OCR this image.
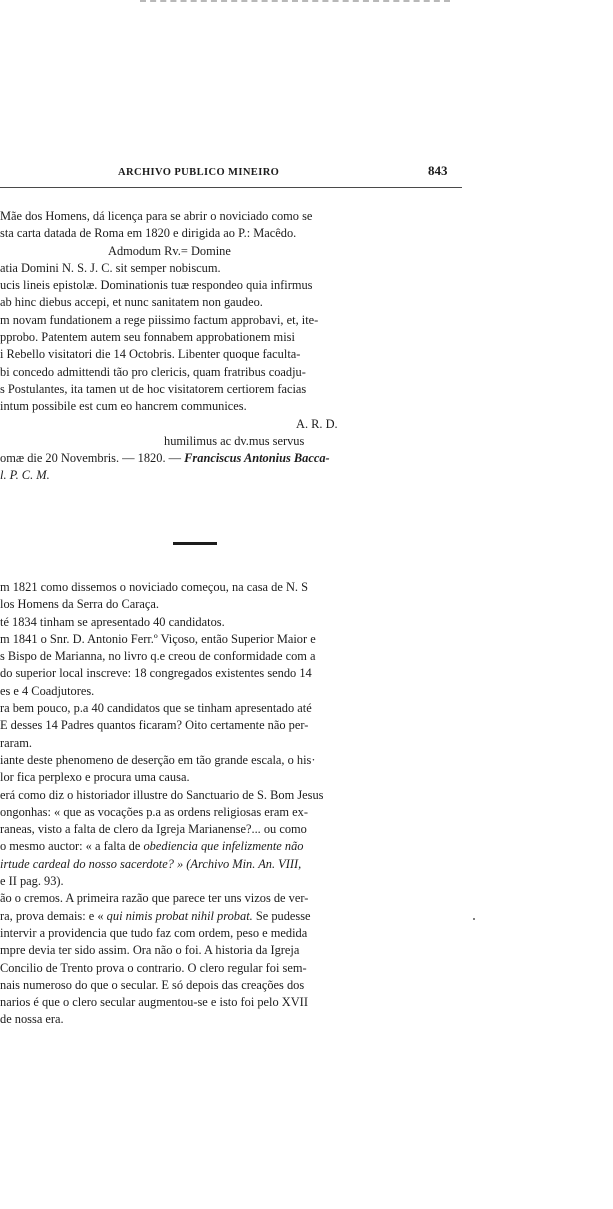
ARCHIVO PUBLICO MINEIRO	843
Mãe dos Homens, dá licença para se abrir o noviciado como se
sta carta datada de Roma em 1820 e dirigida ao P.: Macêdo.
Admodum Rv.= Domine
atia Domini N. S. J. C. sit semper nobiscum.
ucis lineis epistolæ. Dominationis tuæ respondeo quia infirmus
ab hinc diebus accepi, et nunc sanitatem non gaudeo.
m novam fundationem a rege piissimo factum approbavi, et, ite-
pprobo. Patentem autem seu fonnabem approbationem misi
i Rebello visitatori die 14 Octobris. Libenter quoque faculta-
bi concedo admittendi tão pro clericis, quam fratribus coadju-
s Postulantes, ita tamen ut de hoc visitatorem certiorem facias
intum possibile est cum eo hancrem communices.
A. R. D.
humilimus ac dv.mus servus
omæ die 20 Novembris. — 1820. — Franciscus Antonius Bacca-
l. P. C. M.
m 1821 como dissemos o noviciado começou, na casa de N. S
los Homens da Serra do Caraça.
té 1834 tinham se apresentado 40 candidatos.
m 1841 o Snr. D. Antonio Ferr.º Viçoso, então Superior Maior e
s Bispo de Marianna, no livro q.e creou de conformidade com a
do superior local inscreve: 18 congregados existentes sendo 14
es e 4 Coadjutores.
ra bem pouco, p.a 40 candidatos que se tinham apresentado até
E desses 14 Padres quantos ficaram? Oito certamente não per-
raram.
iante deste phenomeno de deserção em tão grande escala, o his·
lor fica perplexo e procura uma causa.
erá como diz o historiador illustre do Sanctuario de S. Bom Jesus
ongonhas: « que as vocações p.a as ordens religiosas eram ex-
raneas, visto a falta de clero da Igreja Marianense?... ou como
o mesmo auctor: « a falta de obediencia que infelizmente não
irtude cardeal do nosso sacerdote? » (Archivo Min. An. VIII,
e II pag. 93).
ão o cremos. A primeira razão que parece ter uns vizos de ver-
ra, prova demais: e « qui nimis probat nihil probat. Se pudesse
intervir a providencia que tudo faz com ordem, peso e medida
mpre devia ter sido assim. Ora não o foi. A historia da Igreja
Concilio de Trento prova o contrario. O clero regular foi sem-
nais numeroso do que o secular. E só depois das creações dos
narios é que o clero secular augmentou-se e isto foi pelo XVII
de nossa era.
